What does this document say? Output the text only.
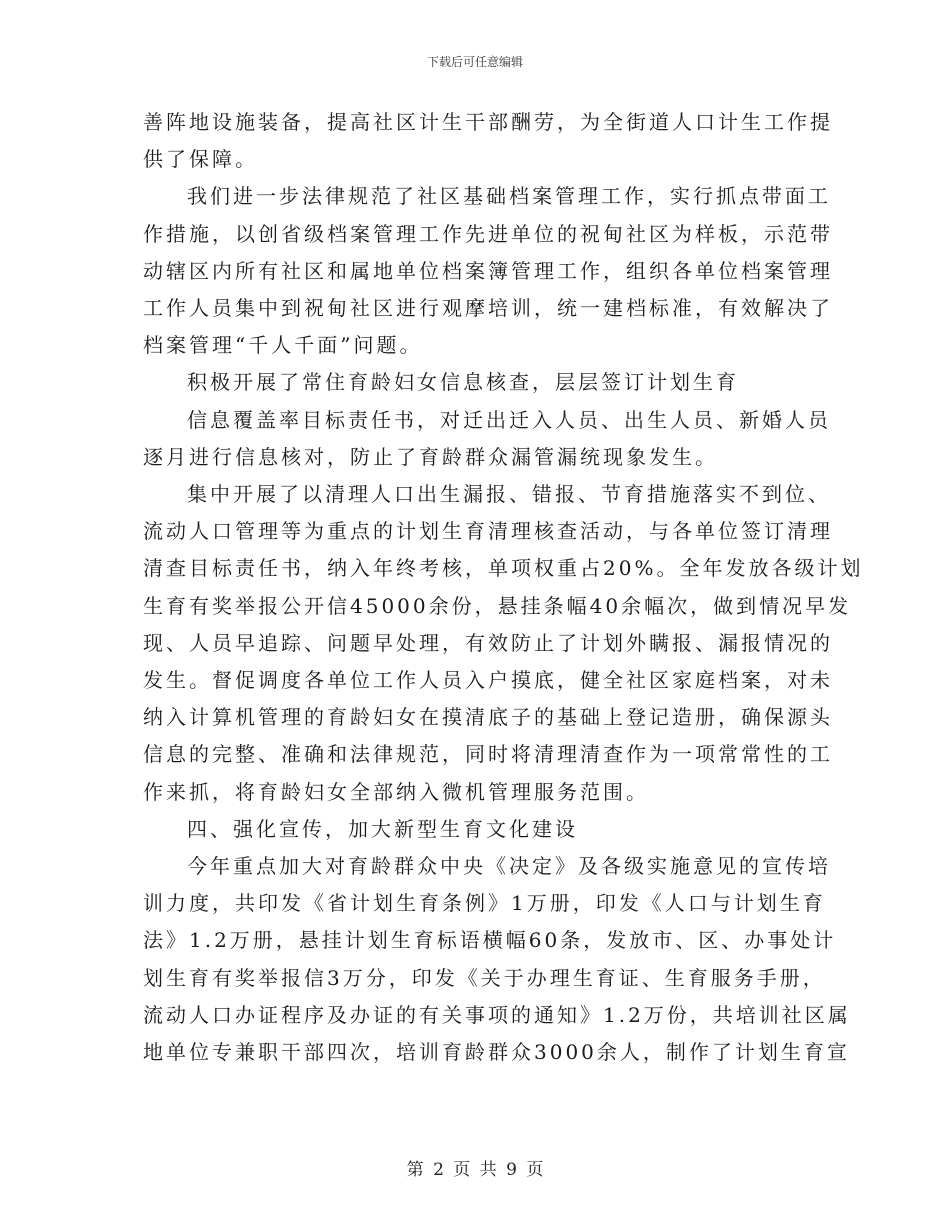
下载后可任意编辑
善阵地设施装备，提高社区计生干部酬劳，为全街道人口计生工作提
供了保障。
我们进一步法律规范了社区基础档案管理工作，实行抓点带面工
作措施，以创省级档案管理工作先进单位的祝甸社区为样板，示范带
动辖区内所有社区和属地单位档案簿管理工作，组织各单位档案管理
工作人员集中到祝甸社区进行观摩培训，统一建档标准，有效解决了
档案管理“千人千面”问题。
积极开展了常住育龄妇女信息核查，层层签订计划生育
信息覆盖率目标责任书，对迁出迁入人员、出生人员、新婚人员
逐月进行信息核对，防止了育龄群众漏管漏统现象发生。
集中开展了以清理人口出生漏报、错报、节育措施落实不到位、
流动人口管理等为重点的计划生育清理核查活动，与各单位签订清理
清查目标责任书，纳入年终考核，单项权重占20%。全年发放各级计划
生育有奖举报公开信45000余份，悬挂条幅40余幅次，做到情况早发
现、人员早追踪、问题早处理，有效防止了计划外瞒报、漏报情况的
发生。督促调度各单位工作人员入户摸底，健全社区家庭档案，对未
纳入计算机管理的育龄妇女在摸清底子的基础上登记造册，确保源头
信息的完整、准确和法律规范，同时将清理清查作为一项常常性的工
作来抓，将育龄妇女全部纳入微机管理服务范围。
四、强化宣传，加大新型生育文化建设
今年重点加大对育龄群众中央《决定》及各级实施意见的宣传培
训力度，共印发《省计划生育条例》1万册，印发《人口与计划生育
法》1.2万册，悬挂计划生育标语横幅60条，发放市、区、办事处计
划生育有奖举报信3万分，印发《关于办理生育证、生育服务手册，
流动人口办证程序及办证的有关事项的通知》1.2万份，共培训社区属
地单位专兼职干部四次，培训育龄群众3000余人，制作了计划生育宣
第 2 页 共 9 页
